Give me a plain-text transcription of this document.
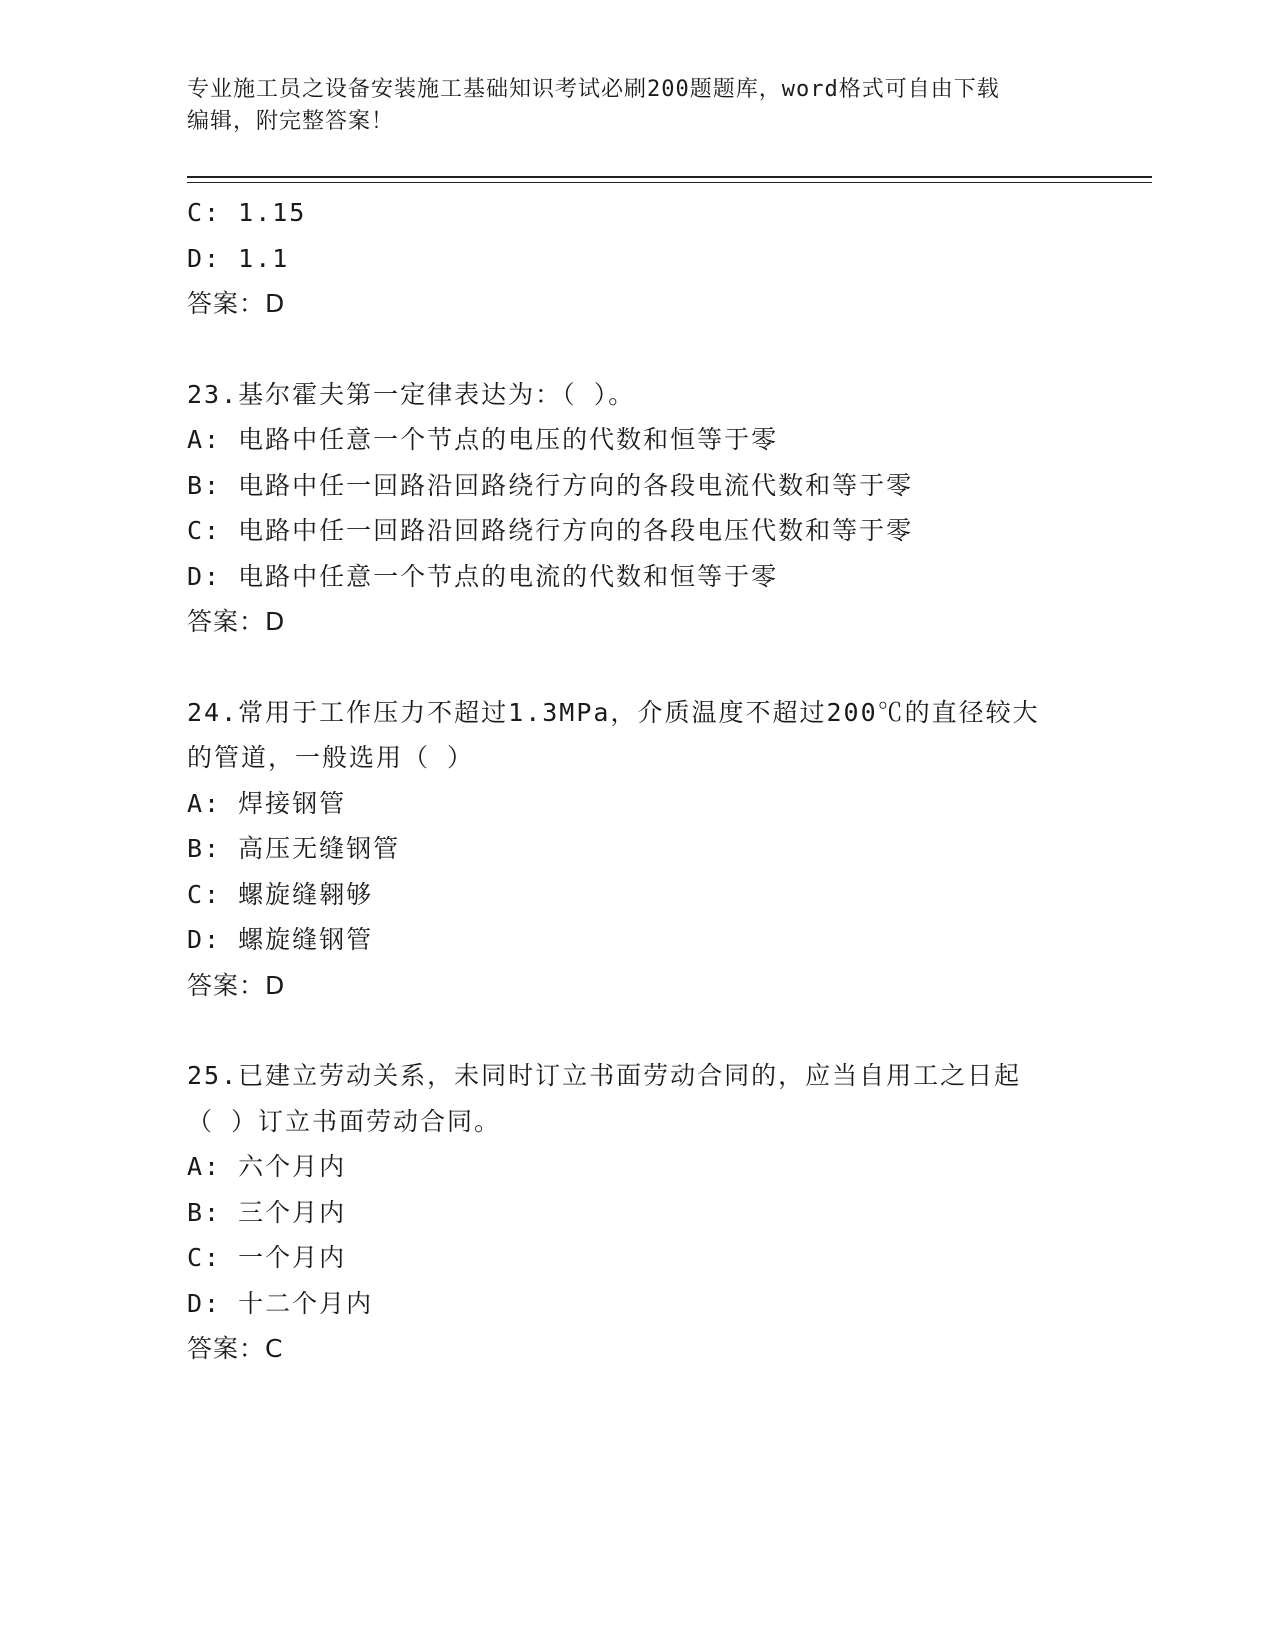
专业施工员之设备安装施工基础知识考试必刷200题题库，word格式可自由下载
编辑，附完整答案！
C: 1.15
D: 1.1
答案：D
23.基尔霍夫第一定律表达为：（ ）。
A: 电路中任意一个节点的电压的代数和恒等于零
B: 电路中任一回路沿回路绕行方向的各段电流代数和等于零
C: 电路中任一回路沿回路绕行方向的各段电压代数和等于零
D: 电路中任意一个节点的电流的代数和恒等于零
答案：D
24.常用于工作压力不超过1.3MPa，介质温度不超过200℃的直径较大
的管道，一般选用（ ）
A: 焊接钢管
B: 高压无缝钢管
C: 螺旋缝翱够
D: 螺旋缝钢管
答案：D
25.已建立劳动关系，未同时订立书面劳动合同的，应当自用工之日起
（ ）订立书面劳动合同。
A: 六个月内
B: 三个月内
C: 一个月内
D: 十二个月内
答案：C
